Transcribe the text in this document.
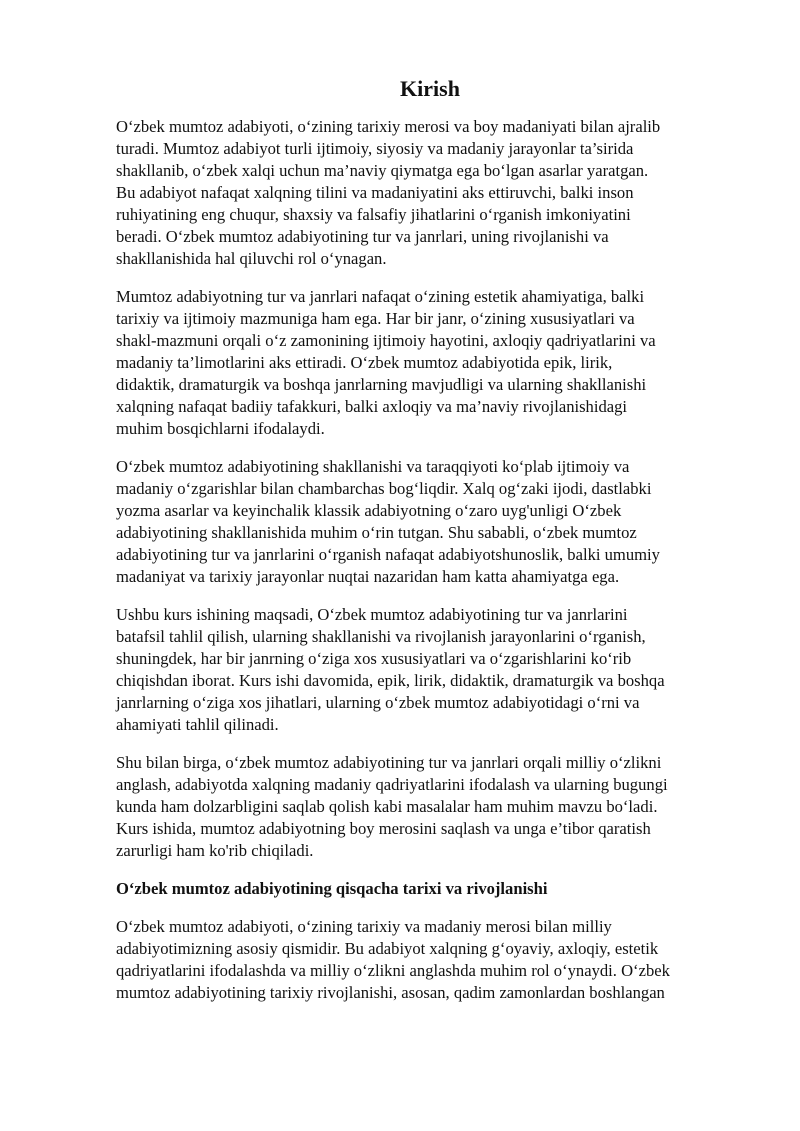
Kirish

O‘zbek mumtoz adabiyoti, o‘zining tarixiy merosi va boy madaniyati bilan ajralib
turadi. Mumtoz adabiyot turli ijtimoiy, siyosiy va madaniy jarayonlar ta’sirida
shakllanib, o‘zbek xalqi uchun ma’naviy qiymatga ega bo‘lgan asarlar yaratgan.
Bu adabiyot nafaqat xalqning tilini va madaniyatini aks ettiruvchi, balki inson
ruhiyatining eng chuqur, shaxsiy va falsafiy jihatlarini o‘rganish imkoniyatini
beradi. O‘zbek mumtoz adabiyotining tur va janrlari, uning rivojlanishi va
shakllanishida hal qiluvchi rol o‘ynagan.

Mumtoz adabiyotning tur va janrlari nafaqat o‘zining estetik ahamiyatiga, balki
tarixiy va ijtimoiy mazmuniga ham ega. Har bir janr, o‘zining xususiyatlari va
shakl-mazmuni orqali o‘z zamonining ijtimoiy hayotini, axloqiy qadriyatlarini va
madaniy ta’limotlarini aks ettiradi. O‘zbek mumtoz adabiyotida epik, lirik,
didaktik, dramaturgik va boshqa janrlarning mavjudligi va ularning shakllanishi
xalqning nafaqat badiiy tafakkuri, balki axloqiy va ma’naviy rivojlanishidagi
muhim bosqichlarni ifodalaydi.

O‘zbek mumtoz adabiyotining shakllanishi va taraqqiyoti ko‘plab ijtimoiy va
madaniy o‘zgarishlar bilan chambarchas bog‘liqdir. Xalq og‘zaki ijodi, dastlabki
yozma asarlar va keyinchalik klassik adabiyotning o‘zaro uyg'unligi O‘zbek
adabiyotining shakllanishida muhim o‘rin tutgan. Shu sababli, o‘zbek mumtoz
adabiyotining tur va janrlarini o‘rganish nafaqat adabiyotshunoslik, balki umumiy
madaniyat va tarixiy jarayonlar nuqtai nazaridan ham katta ahamiyatga ega.

Ushbu kurs ishining maqsadi, O‘zbek mumtoz adabiyotining tur va janrlarini
batafsil tahlil qilish, ularning shakllanishi va rivojlanish jarayonlarini o‘rganish,
shuningdek, har bir janrning o‘ziga xos xususiyatlari va o‘zgarishlarini ko‘rib
chiqishdan iborat. Kurs ishi davomida, epik, lirik, didaktik, dramaturgik va boshqa
janrlarning o‘ziga xos jihatlari, ularning o‘zbek mumtoz adabiyotidagi o‘rni va
ahamiyati tahlil qilinadi.

Shu bilan birga, o‘zbek mumtoz adabiyotining tur va janrlari orqali milliy o‘zlikni
anglash, adabiyotda xalqning madaniy qadriyatlarini ifodalash va ularning bugungi
kunda ham dolzarbligini saqlab qolish kabi masalalar ham muhim mavzu bo‘ladi.
Kurs ishida, mumtoz adabiyotning boy merosini saqlash va unga e’tibor qaratish
zarurligi ham ko'rib chiqiladi.

O‘zbek mumtoz adabiyotining qisqacha tarixi va rivojlanishi

O‘zbek mumtoz adabiyoti, o‘zining tarixiy va madaniy merosi bilan milliy
adabiyotimizning asosiy qismidir. Bu adabiyot xalqning g‘oyaviy, axloqiy, estetik
qadriyatlarini ifodalashda va milliy o‘zlikni anglashda muhim rol o‘ynaydi. O‘zbek
mumtoz adabiyotining tarixiy rivojlanishi, asosan, qadim zamonlardan boshlangan
